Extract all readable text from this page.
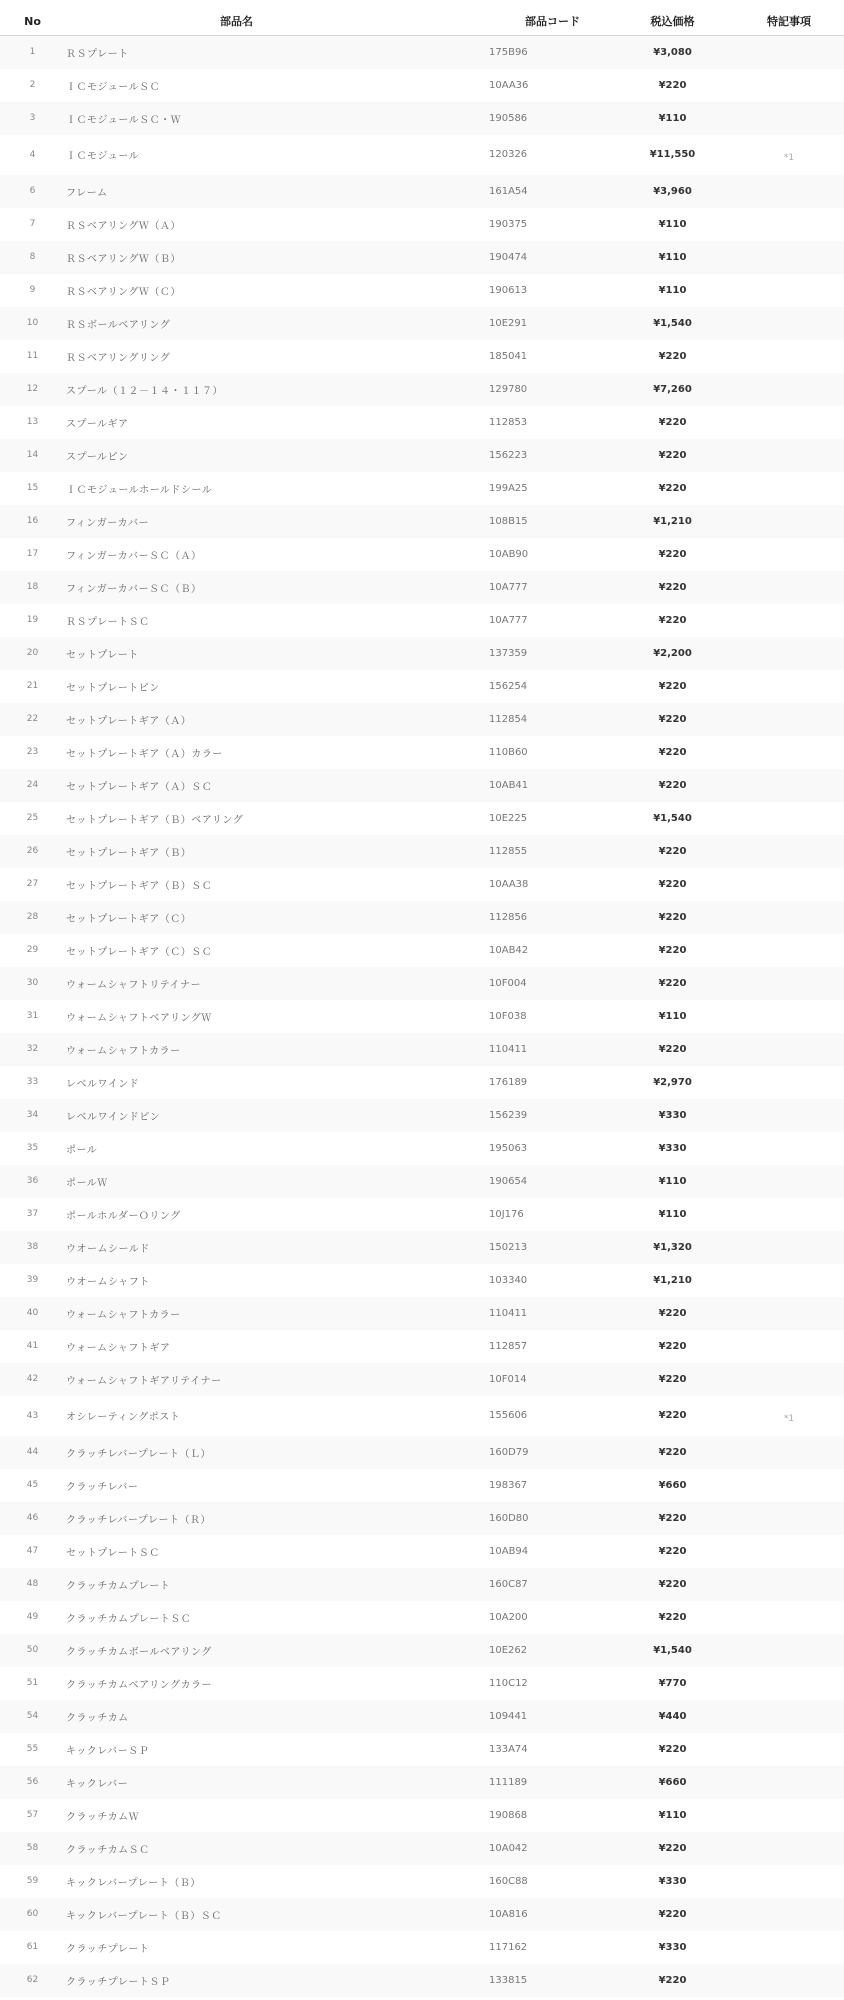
No	部品名	部品コード	税込価格	特記事項
1	ＲＳプレート	175B96	¥3,080	
2	ＩＣモジュールＳＣ	10AA36	¥220	
3	ＩＣモジュールＳＣ・Ｗ	190586	¥110	
4	ＩＣモジュール	120326	¥11,550	*1
6	フレーム	161A54	¥3,960	
7	ＲＳベアリングＷ（Ａ）	190375	¥110	
8	ＲＳベアリングＷ（Ｂ）	190474	¥110	
9	ＲＳベアリングＷ（Ｃ）	190613	¥110	
10	ＲＳボールベアリング	10E291	¥1,540	
11	ＲＳベアリングリング	185041	¥220	
12	スプール（１２－１４・１１７）	129780	¥7,260	
13	スプールギア	112853	¥220	
14	スプールピン	156223	¥220	
15	ＩＣモジュールホールドシール	199A25	¥220	
16	フィンガーカバー	108B15	¥1,210	
17	フィンガーカバーＳＣ（Ａ）	10AB90	¥220	
18	フィンガーカバーＳＣ（Ｂ）	10A777	¥220	
19	ＲＳプレートＳＣ	10A777	¥220	
20	セットプレート	137359	¥2,200	
21	セットプレートピン	156254	¥220	
22	セットプレートギア（Ａ）	112854	¥220	
23	セットプレートギア（Ａ）カラー	110B60	¥220	
24	セットプレートギア（Ａ）ＳＣ	10AB41	¥220	
25	セットプレートギア（Ｂ）ベアリング	10E225	¥1,540	
26	セットプレートギア（Ｂ）	112855	¥220	
27	セットプレートギア（Ｂ）ＳＣ	10AA38	¥220	
28	セットプレートギア（Ｃ）	112856	¥220	
29	セットプレートギア（Ｃ）ＳＣ	10AB42	¥220	
30	ウォームシャフトリテイナー	10F004	¥220	
31	ウォームシャフトベアリングＷ	10F038	¥110	
32	ウォームシャフトカラー	110411	¥220	
33	レベルワインド	176189	¥2,970	
34	レベルワインドピン	156239	¥330	
35	ポール	195063	¥330	
36	ポールＷ	190654	¥110	
37	ポールホルダーＯリング	10J176	¥110	
38	ウオームシールド	150213	¥1,320	
39	ウオームシャフト	103340	¥1,210	
40	ウォームシャフトカラー	110411	¥220	
41	ウォームシャフトギア	112857	¥220	
42	ウォームシャフトギアリテイナー	10F014	¥220	
43	オシレーティングポスト	155606	¥220	*1
44	クラッチレバープレート（Ｌ）	160D79	¥220	
45	クラッチレバー	198367	¥660	
46	クラッチレバープレート（Ｒ）	160D80	¥220	
47	セットプレートＳＣ	10AB94	¥220	
48	クラッチカムプレート	160C87	¥220	
49	クラッチカムプレートＳＣ	10A200	¥220	
50	クラッチカムボールベアリング	10E262	¥1,540	
51	クラッチカムベアリングカラー	110C12	¥770	
54	クラッチカム	109441	¥440	
55	キックレバーＳＰ	133A74	¥220	
56	キックレバー	111189	¥660	
57	クラッチカムＷ	190868	¥110	
58	クラッチカムＳＣ	10A042	¥220	
59	キックレバープレート（Ｂ）	160C88	¥330	
60	キックレバープレート（Ｂ）ＳＣ	10A816	¥220	
61	クラッチプレート	117162	¥330	
62	クラッチプレートＳＰ	133815	¥220	
